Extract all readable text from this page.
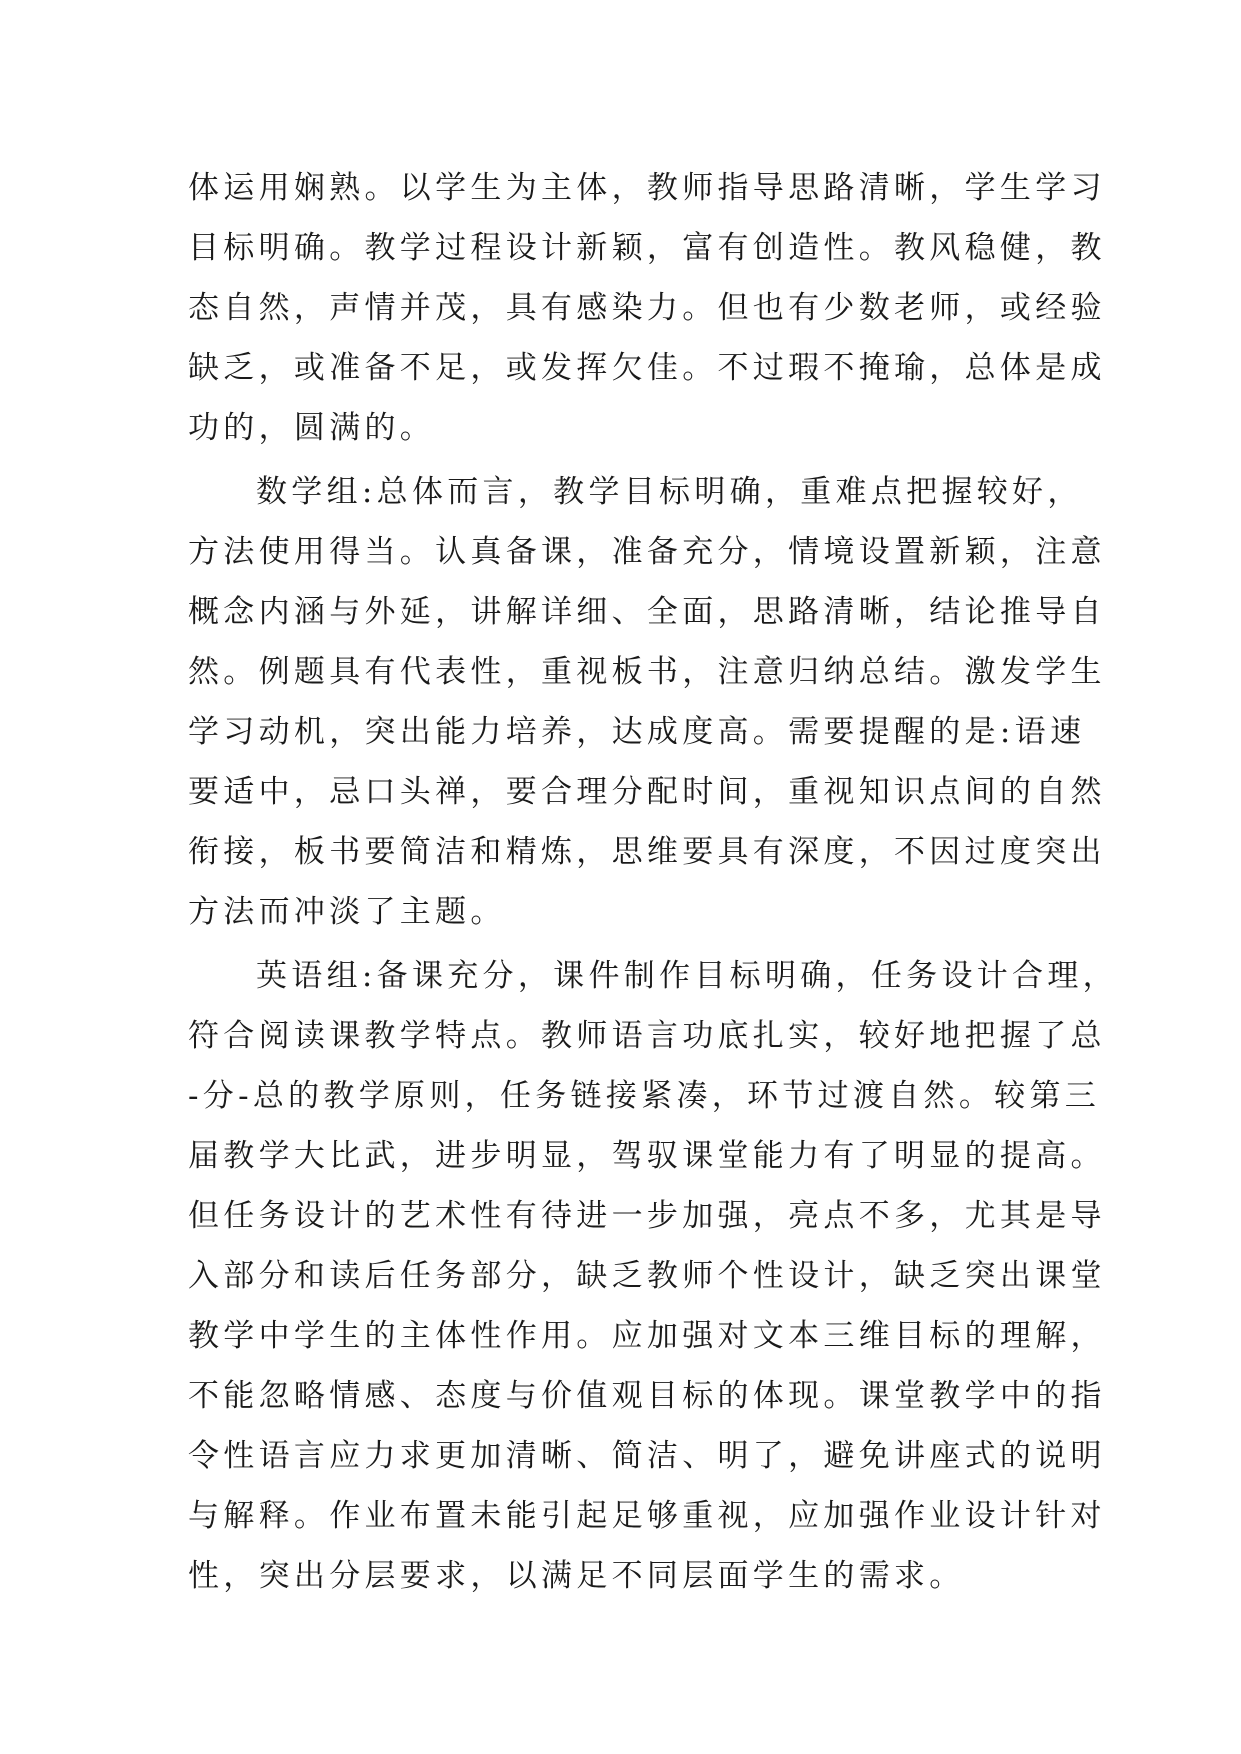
体运用娴熟。以学生为主体，教师指导思路清晰，学生学习
目标明确。教学过程设计新颖，富有创造性。教风稳健，教
态自然，声情并茂，具有感染力。但也有少数老师，或经验
缺乏，或准备不足，或发挥欠佳。不过瑕不掩瑜，总体是成
功的，圆满的。
数学组:总体而言，教学目标明确，重难点把握较好，
方法使用得当。认真备课，准备充分，情境设置新颖，注意
概念内涵与外延，讲解详细、全面，思路清晰，结论推导自
然。例题具有代表性，重视板书，注意归纳总结。激发学生
学习动机，突出能力培养，达成度高。需要提醒的是:语速
要适中，忌口头禅，要合理分配时间，重视知识点间的自然
衔接，板书要简洁和精炼，思维要具有深度，不因过度突出
方法而冲淡了主题。
英语组:备课充分，课件制作目标明确，任务设计合理，
符合阅读课教学特点。教师语言功底扎实，较好地把握了总
-分-总的教学原则，任务链接紧凑，环节过渡自然。较第三
届教学大比武，进步明显，驾驭课堂能力有了明显的提高。
但任务设计的艺术性有待进一步加强，亮点不多，尤其是导
入部分和读后任务部分，缺乏教师个性设计，缺乏突出课堂
教学中学生的主体性作用。应加强对文本三维目标的理解，
不能忽略情感、态度与价值观目标的体现。课堂教学中的指
令性语言应力求更加清晰、简洁、明了，避免讲座式的说明
与解释。作业布置未能引起足够重视，应加强作业设计针对
性，突出分层要求，以满足不同层面学生的需求。
